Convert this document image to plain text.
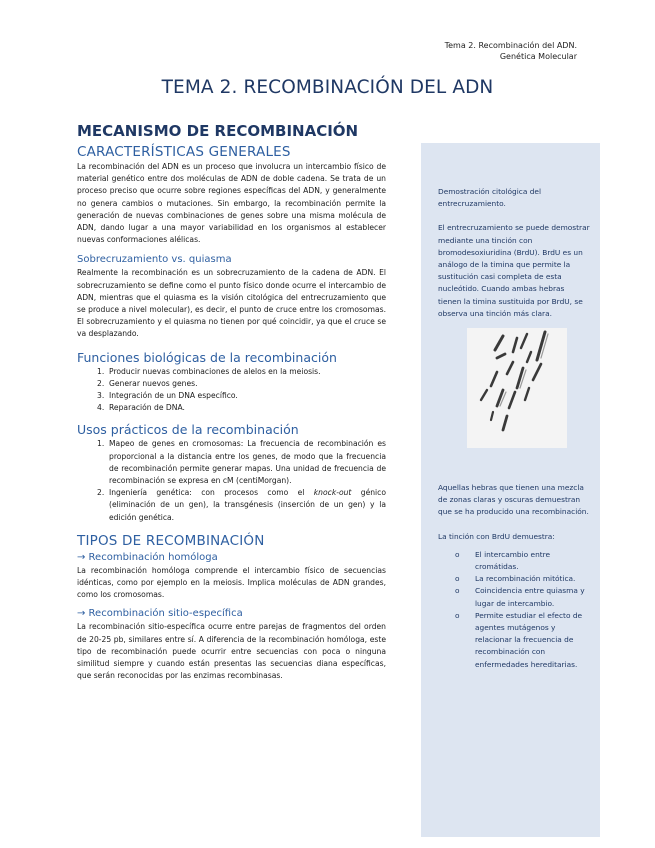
Tema 2. Recombinación del ADN.
Genética Molecular
TEMA 2. RECOMBINACIÓN DEL ADN
MECANISMO DE RECOMBINACIÓN
CARACTERÍSTICAS GENERALES
La recombinación del ADN es un proceso que involucra un intercambio físico de material genético entre dos moléculas de ADN de doble cadena. Se trata de un proceso preciso que ocurre sobre regiones específicas del ADN, y generalmente no genera cambios o mutaciones. Sin embargo, la recombinación permite la generación de nuevas combinaciones de genes sobre una misma molécula de ADN, dando lugar a una mayor variabilidad en los organismos al establecer nuevas conformaciones alélicas.
Sobrecruzamiento vs. quiasma
Realmente la recombinación es un sobrecruzamiento de la cadena de ADN. El sobrecruzamiento se define como el punto físico donde ocurre el intercambio de ADN, mientras que el quiasma es la visión citológica del entrecruzamiento que se produce a nivel molecular), es decir, el punto de cruce entre los cromosomas. El sobrecruzamiento y el quiasma no tienen por qué coincidir, ya que el cruce se va desplazando.
Funciones biológicas de la recombinación
1. Producir nuevas combinaciones de alelos en la meiosis.
2. Generar nuevos genes.
3. Integración de un DNA específico.
4. Reparación de DNA.
Usos prácticos de la recombinación
1. Mapeo de genes en cromosomas: La frecuencia de recombinación es proporcional a la distancia entre los genes, de modo que la frecuencia de recombinación permite generar mapas. Una unidad de frecuencia de recombinación se expresa en cM (centiMorgan).
2. Ingeniería genética: con procesos como el knock-out génico (eliminación de un gen), la transgénesis (inserción de un gen) y la edición genética.
TIPOS DE RECOMBINACIÓN
→ Recombinación homóloga
La recombinación homóloga comprende el intercambio físico de secuencias idénticas, como por ejemplo en la meiosis. Implica moléculas de ADN grandes, como los cromosomas.
→ Recombinación sitio-específica
La recombinación sitio-específica ocurre entre parejas de fragmentos del orden de 20-25 pb, similares entre sí. A diferencia de la recombinación homóloga, este tipo de recombinación puede ocurrir entre secuencias con poca o ninguna similitud siempre y cuando están presentas las secuencias diana específicas, que serán reconocidas por las enzimas recombinasas.
Demostración citológica del entrecruzamiento.
El entrecruzamiento se puede demostrar mediante una tinción con bromodesoxiuridina (BrdU). BrdU es un análogo de la timina que permite la sustitución casi completa de esta nucleótido. Cuando ambas hebras tienen la timina sustituida por BrdU, se observa una tinción más clara.
Aquellas hebras que tienen una mezcla de zonas claras y oscuras demuestran que se ha producido una recombinación.
La tinción con BrdU demuestra:
o	El intercambio entre cromátidas.
o	La recombinación mitótica.
o	Coincidencia entre quiasma y lugar de intercambio.
o	Permite estudiar el efecto de agentes mutágenos y relacionar la frecuencia de recombinación con enfermedades hereditarias.
